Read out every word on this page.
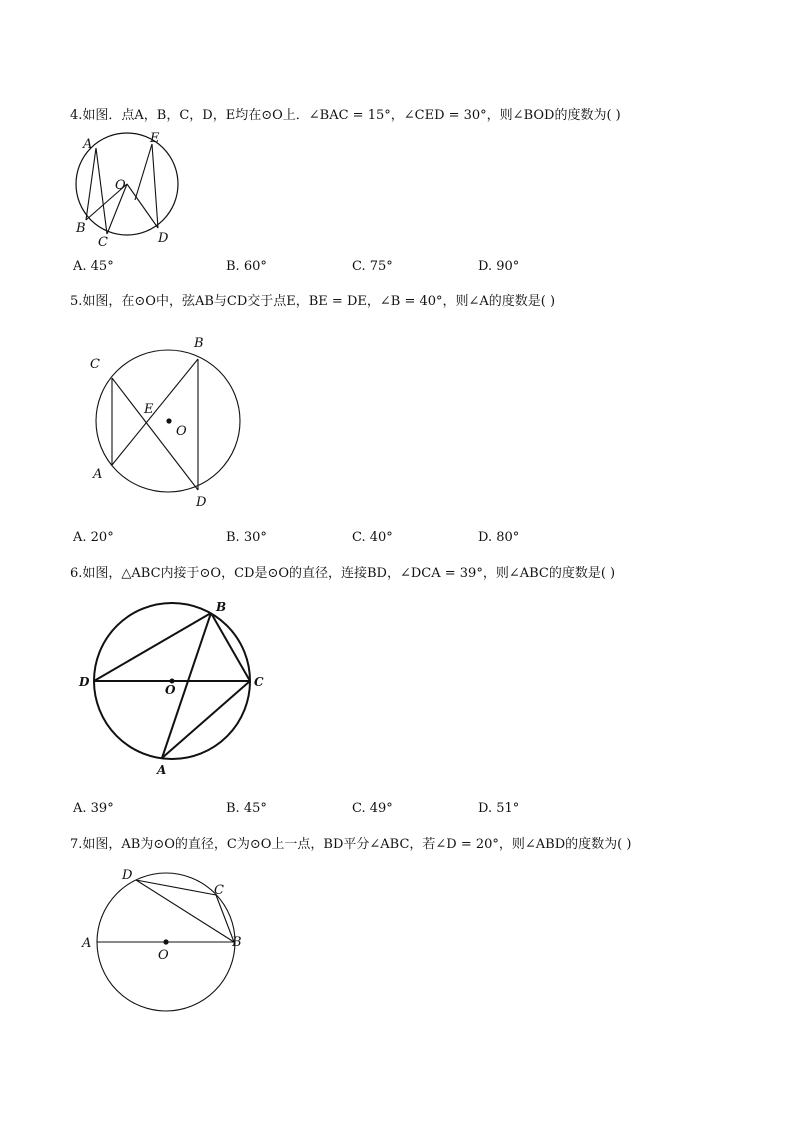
4.如图．点A，B，C，D，E均在⊙O上．∠BAC = 15°，∠CED = 30°，则∠BOD的度数为( )
A	E
O
B
C	D
A. 45°	B. 60°	C. 75°	D. 90°
5.如图，在⊙O中，弦AB与CD交于点E，BE = DE，∠B = 40°，则∠A的度数是( )
C
B
E
O
A
D
A. 20°	B. 30°	C. 40°	D. 80°
6.如图，△ABC内接于⊙O，CD是⊙O的直径，连接BD，∠DCA = 39°，则∠ABC的度数是( )
B
D	C
O
A
A. 39°	B. 45°	C. 49°	D. 51°
7.如图，AB为⊙O的直径，C为⊙O上一点，BD平分∠ABC，若∠D = 20°，则∠ABD的度数为( )
D
C
A	B
O
